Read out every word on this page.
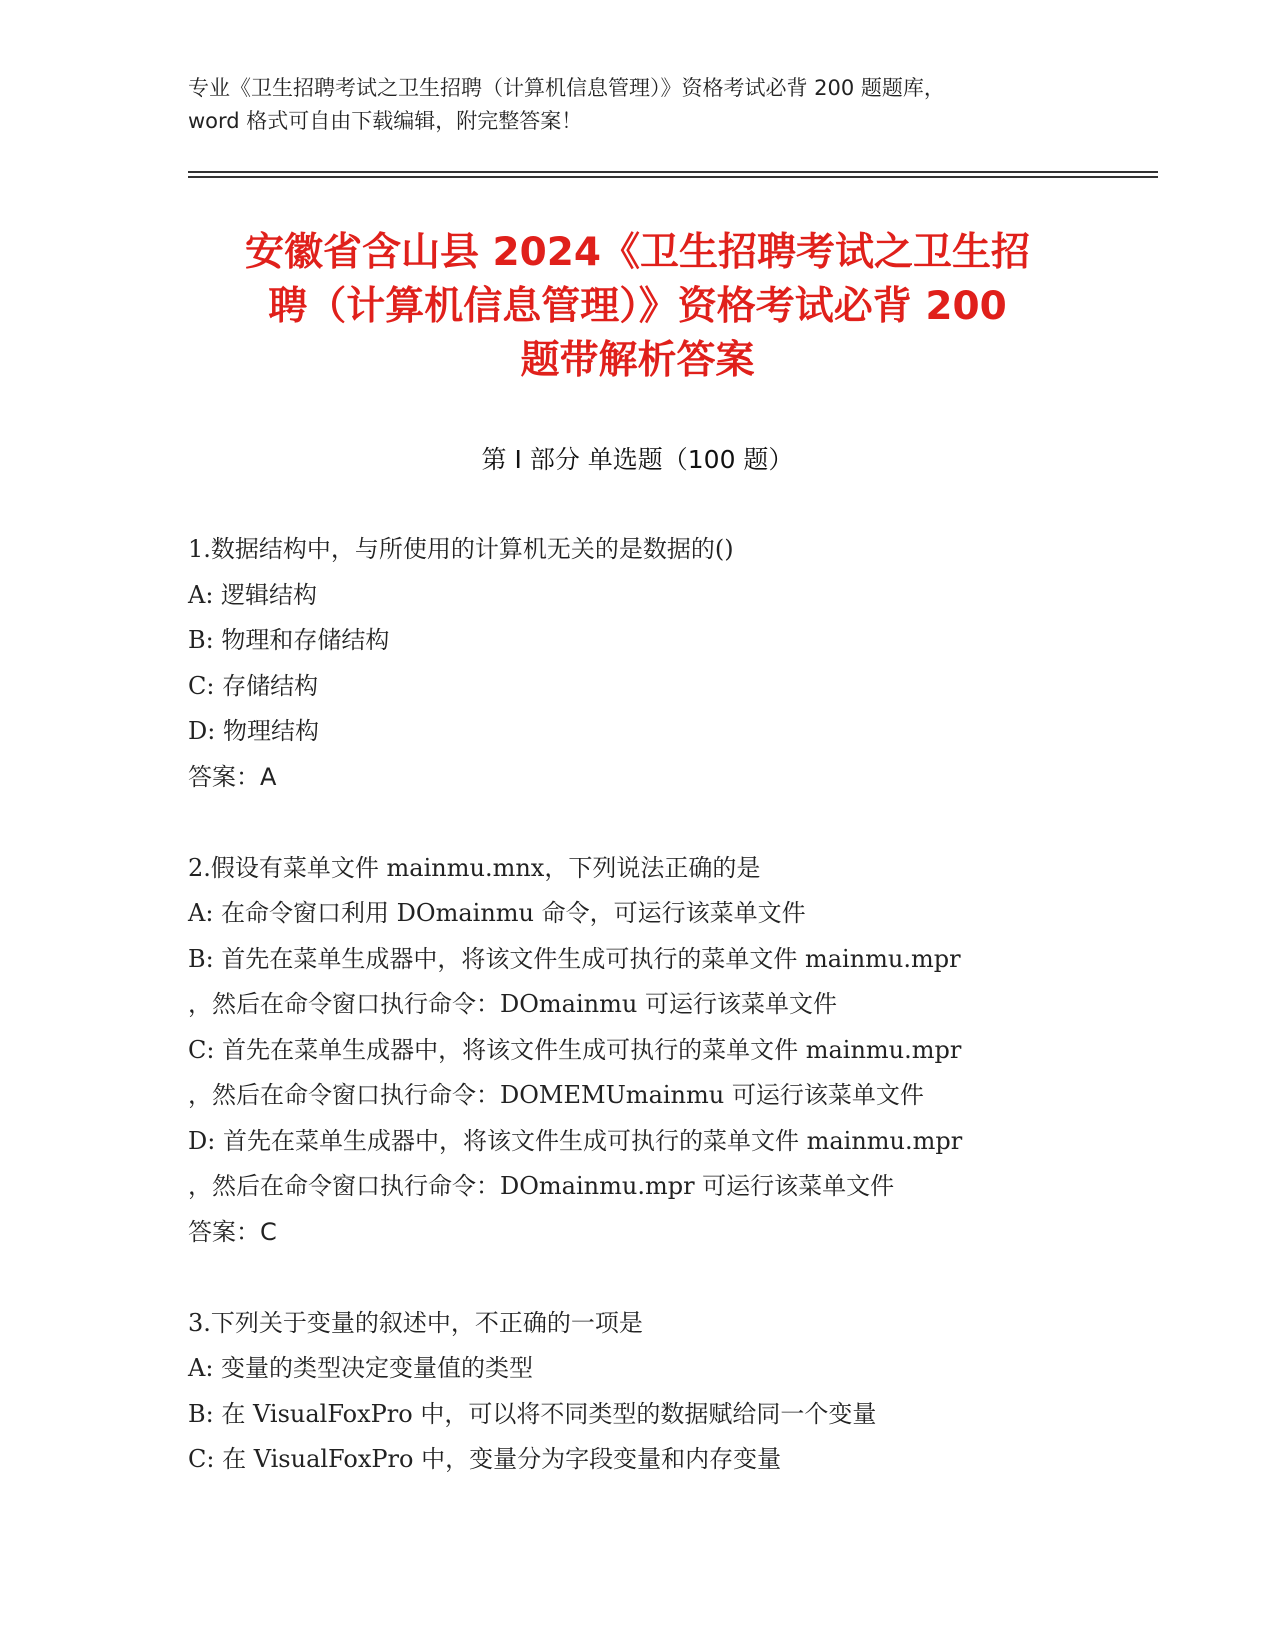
专业《卫生招聘考试之卫生招聘（计算机信息管理）》资格考试必背 200 题题库，
word 格式可自由下载编辑，附完整答案！
安徽省含山县 2024《卫生招聘考试之卫生招
聘（计算机信息管理）》资格考试必背 200
题带解析答案
第 I 部分 单选题（100 题）
1.数据结构中，与所使用的计算机无关的是数据的()
A: 逻辑结构
B: 物理和存储结构
C: 存储结构
D: 物理结构
答案：A
2.假设有菜单文件 mainmu.mnx，下列说法正确的是
A: 在命令窗口利用 DOmainmu 命令，可运行该菜单文件
B: 首先在菜单生成器中，将该文件生成可执行的菜单文件 mainmu.mpr
，然后在命令窗口执行命令：DOmainmu 可运行该菜单文件
C: 首先在菜单生成器中，将该文件生成可执行的菜单文件 mainmu.mpr
，然后在命令窗口执行命令：DOMEMUmainmu 可运行该菜单文件
D: 首先在菜单生成器中，将该文件生成可执行的菜单文件 mainmu.mpr
，然后在命令窗口执行命令：DOmainmu.mpr 可运行该菜单文件
答案：C
3.下列关于变量的叙述中，不正确的一项是
A: 变量的类型决定变量值的类型
B: 在 VisualFoxPro 中，可以将不同类型的数据赋给同一个变量
C: 在 VisualFoxPro 中，变量分为字段变量和内存变量
